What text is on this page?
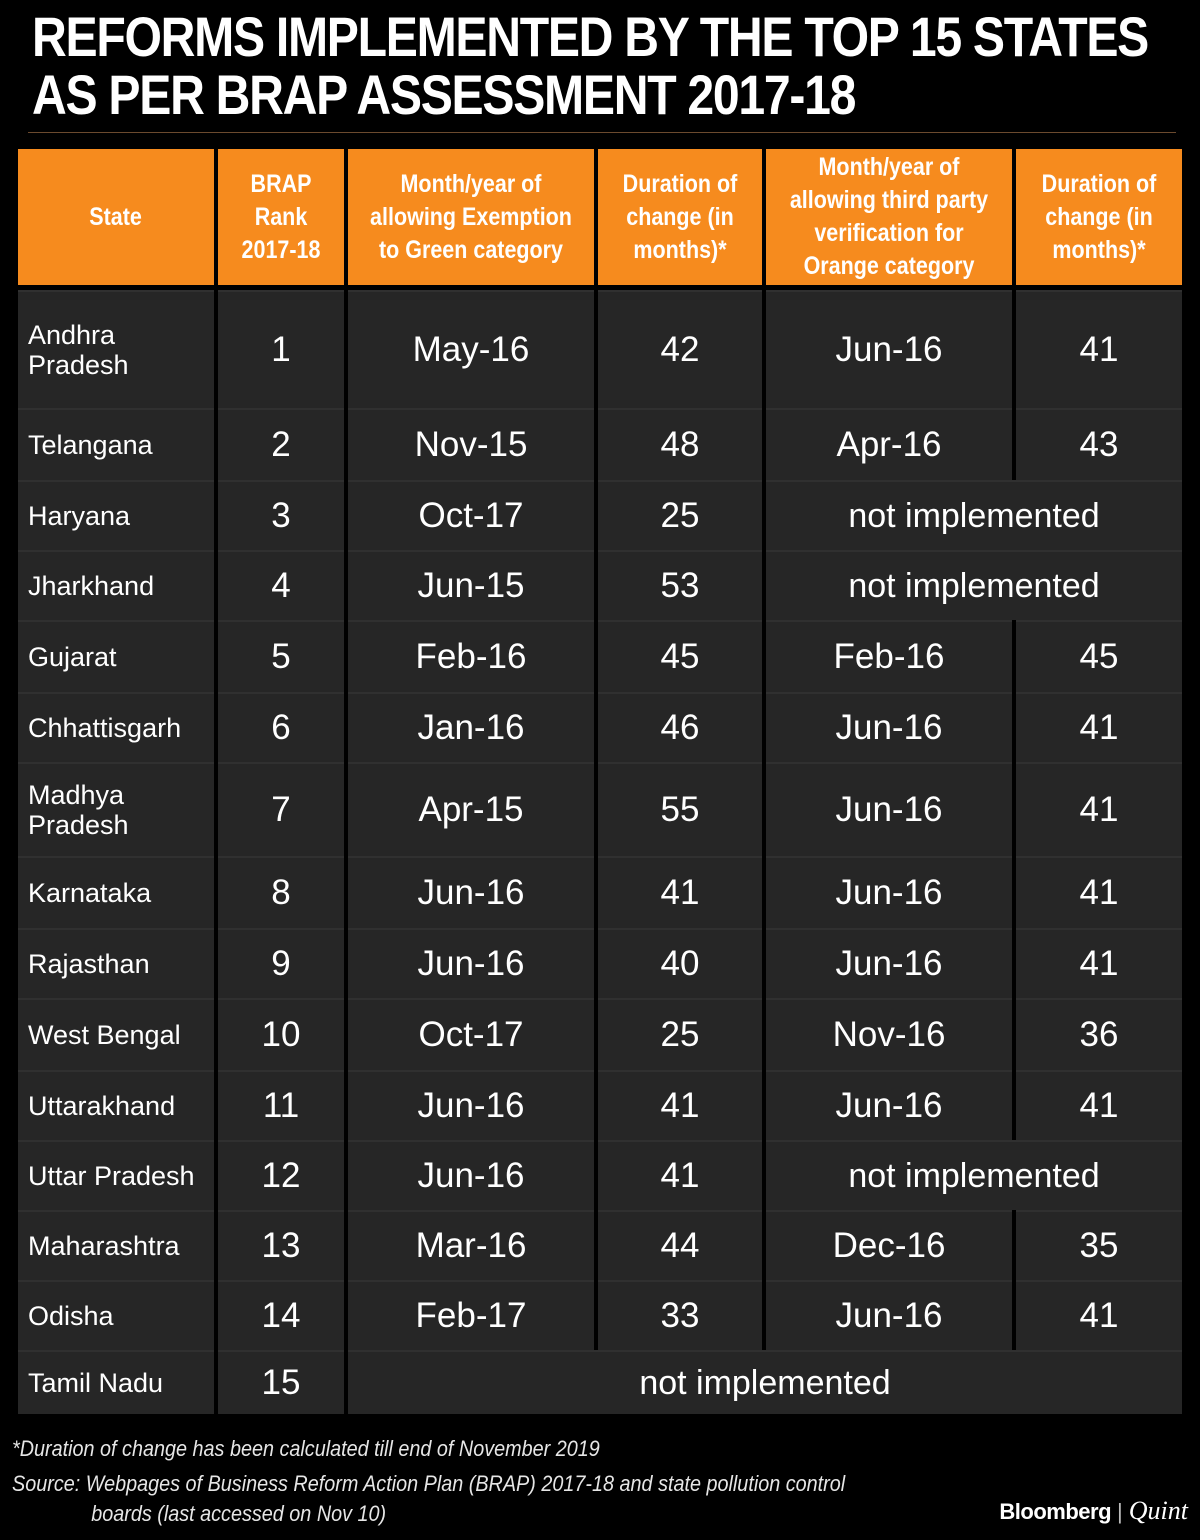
REFORMS IMPLEMENTED BY THE TOP 15 STATES
AS PER BRAP ASSESSMENT 2017-18
State	BRAP Rank 2017-18	Month/year of allowing Exemption to Green category	Duration of change (in months)*	Month/year of allowing third party verification for Orange category	Duration of change (in months)*
Andhra Pradesh	1	May-16	42	Jun-16	41
Telangana	2	Nov-15	48	Apr-16	43
Haryana	3	Oct-17	25	not implemented	
Jharkhand	4	Jun-15	53	not implemented	
Gujarat	5	Feb-16	45	Feb-16	45
Chhattisgarh	6	Jan-16	46	Jun-16	41
Madhya Pradesh	7	Apr-15	55	Jun-16	41
Karnataka	8	Jun-16	41	Jun-16	41
Rajasthan	9	Jun-16	40	Jun-16	41
West Bengal	10	Oct-17	25	Nov-16	36
Uttarakhand	11	Jun-16	41	Jun-16	41
Uttar Pradesh	12	Jun-16	41	not implemented	
Maharashtra	13	Mar-16	44	Dec-16	35
Odisha	14	Feb-17	33	Jun-16	41
Tamil Nadu	15	not implemented			
*Duration of change has been calculated till end of November 2019
Source: Webpages of Business Reform Action Plan (BRAP) 2017-18 and state pollution control
boards (last accessed on Nov 10)	Bloomberg | Quint
